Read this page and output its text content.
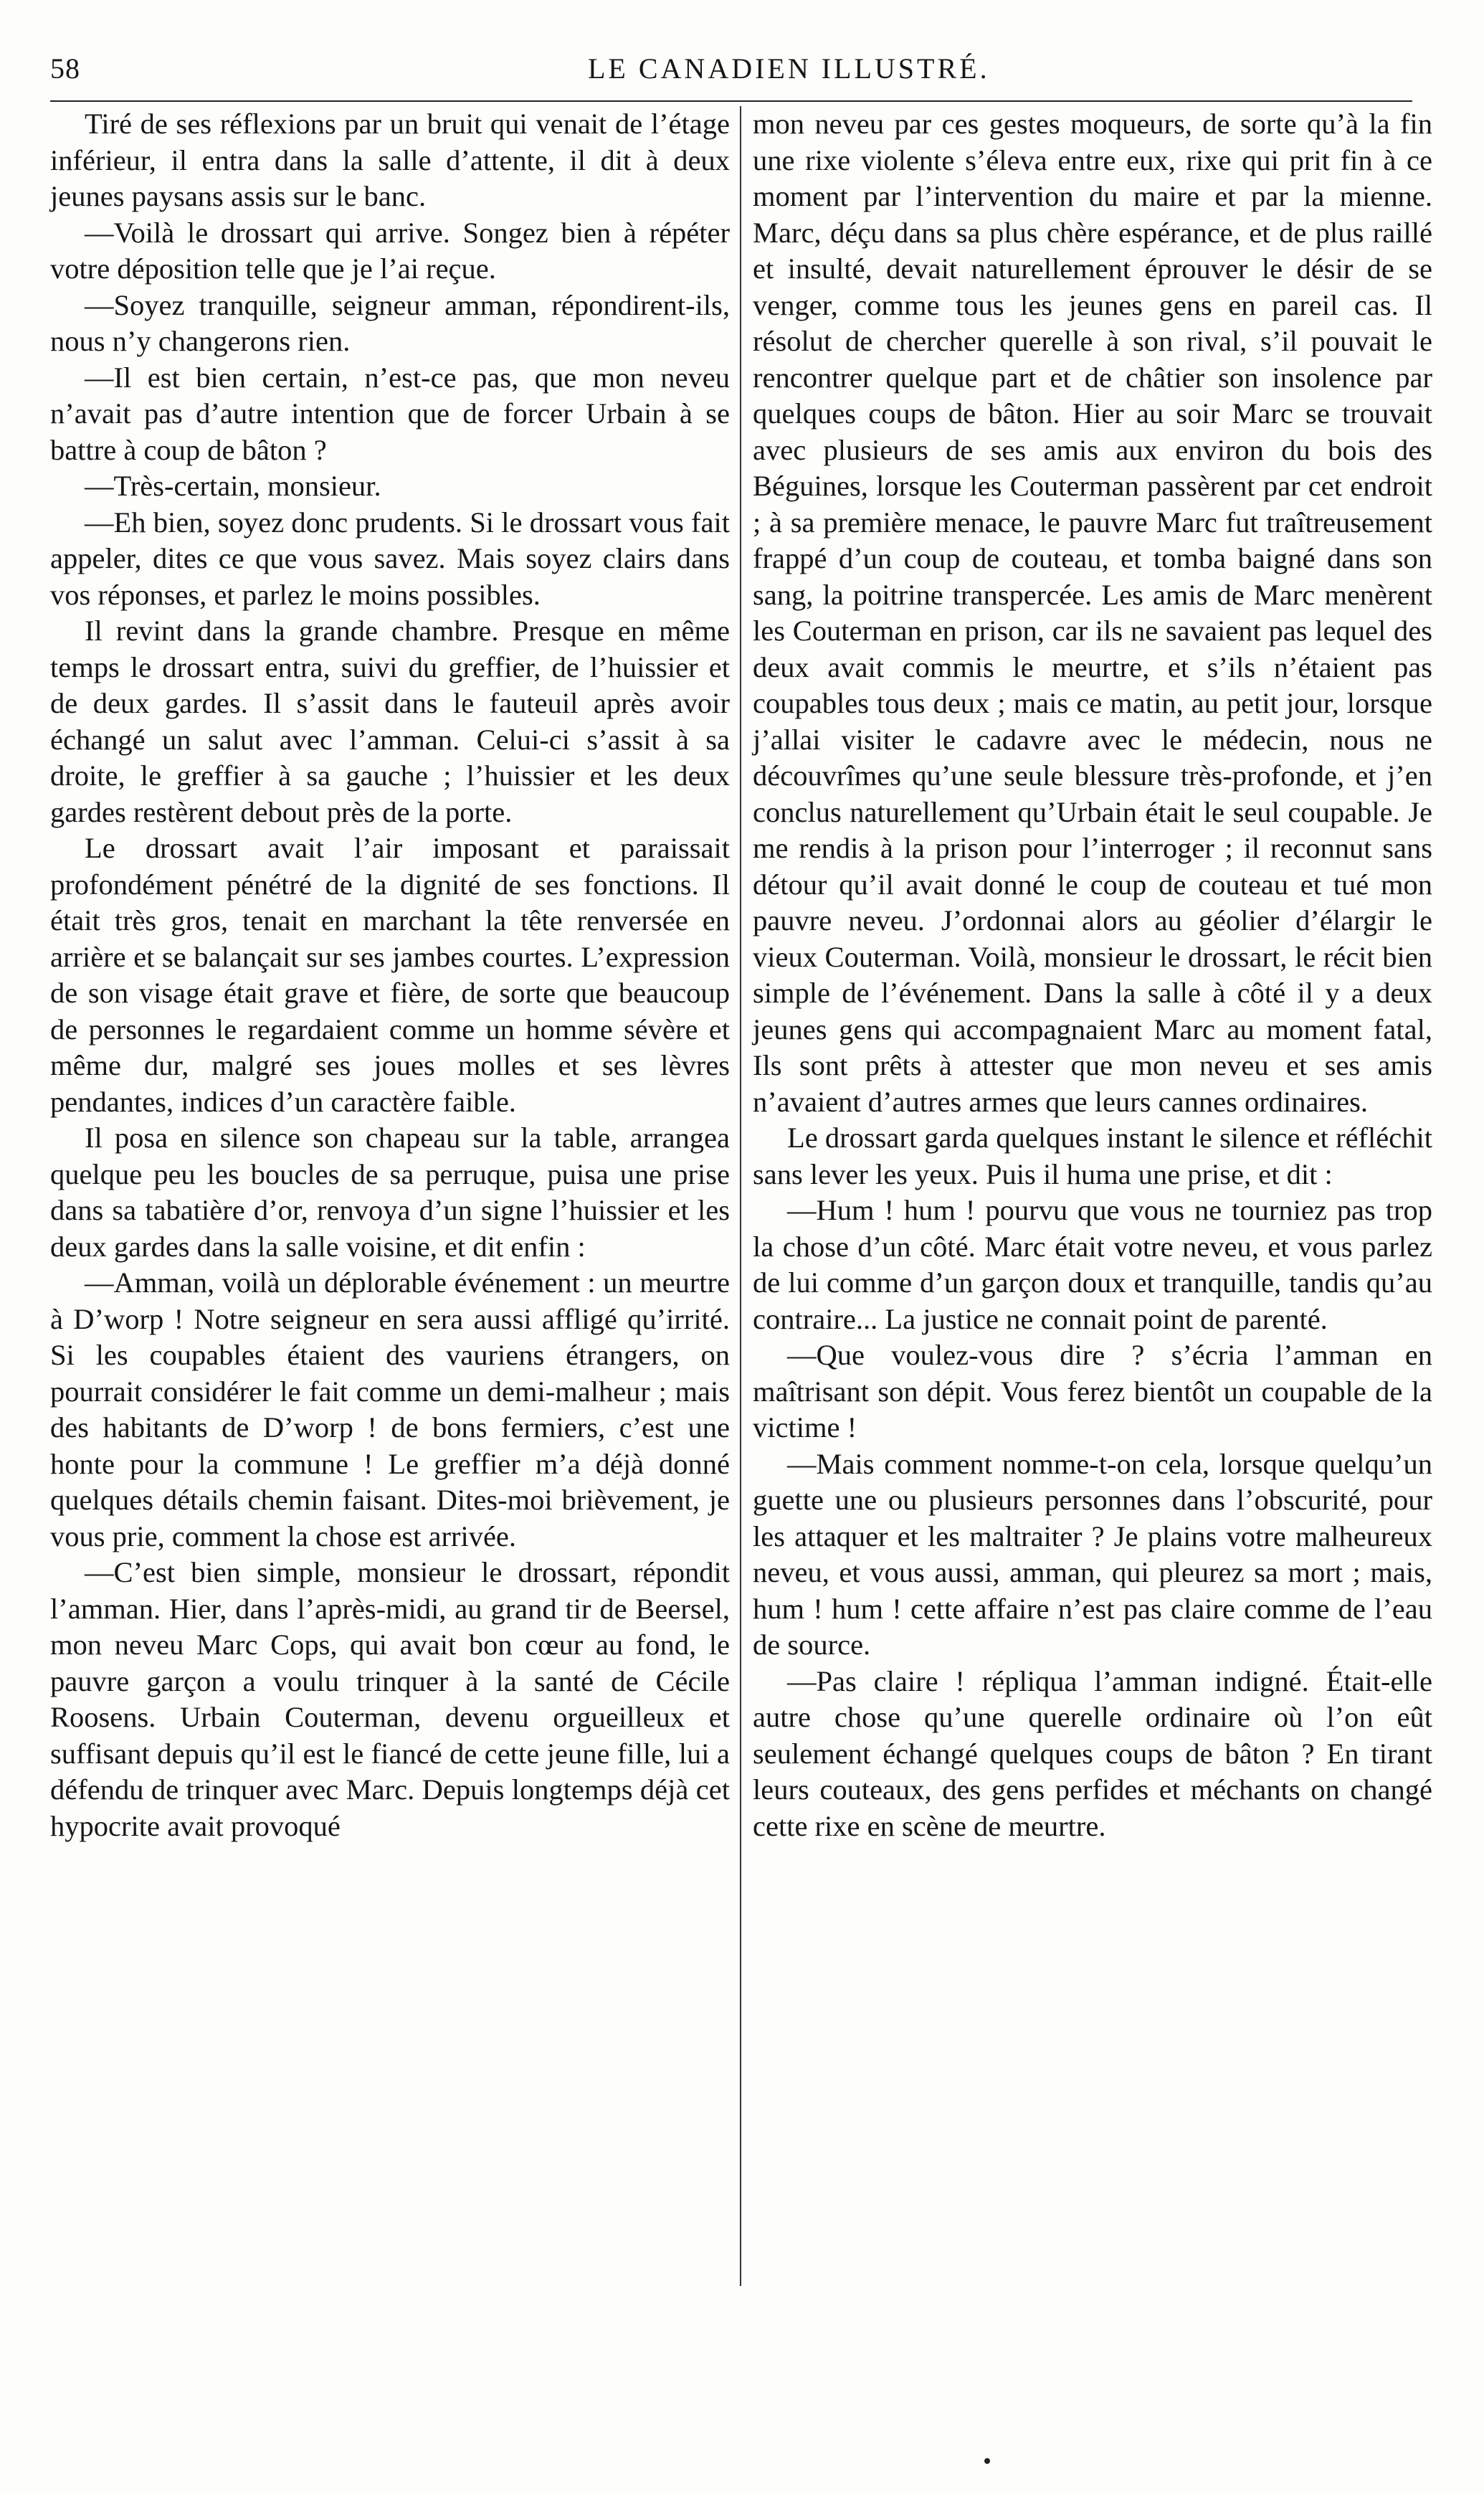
58	LE CANADIEN ILLUSTRÉ.

Tiré de ses réflexions par un bruit qui venait de l’étage inférieur, il entra dans la salle d’attente, il dit à deux jeunes paysans assis sur le banc.

—Voilà le drossart qui arrive. Songez bien à répéter votre déposition telle que je l’ai reçue.

—Soyez tranquille, seigneur amman, répondirent-ils, nous n’y changerons rien.

—Il est bien certain, n’est-ce pas, que mon neveu n’avait pas d’autre intention que de forcer Urbain à se battre à coup de bâton ?

—Très-certain, monsieur.

—Eh bien, soyez donc prudents. Si le drossart vous fait appeler, dites ce que vous savez. Mais soyez clairs dans vos réponses, et parlez le moins possibles.

Il revint dans la grande chambre. Presque en même temps le drossart entra, suivi du greffier, de l’huissier et de deux gardes. Il s’assit dans le fauteuil après avoir échangé un salut avec l’amman. Celui-ci s’assit à sa droite, le greffier à sa gauche ; l’huissier et les deux gardes restèrent debout près de la porte.

Le drossart avait l’air imposant et paraissait profondément pénétré de la dignité de ses fonctions. Il était très gros, tenait en marchant la tête renversée en arrière et se balançait sur ses jambes courtes. L’expression de son visage était grave et fière, de sorte que beaucoup de personnes le regardaient comme un homme sévère et même dur, malgré ses joues molles et ses lèvres pendantes, indices d’un caractère faible.

Il posa en silence son chapeau sur la table, arrangea quelque peu les boucles de sa perruque, puisa une prise dans sa tabatière d’or, renvoya d’un signe l’huissier et les deux gardes dans la salle voisine, et dit enfin :

—Amman, voilà un déplorable événement : un meurtre à D’worp ! Notre seigneur en sera aussi affligé qu’irrité. Si les coupables étaient des vauriens étrangers, on pourrait considérer le fait comme un demi-malheur ; mais des habitants de D’worp ! de bons fermiers, c’est une honte pour la commune ! Le greffier m’a déjà donné quelques détails chemin faisant. Dites-moi brièvement, je vous prie, comment la chose est arrivée.

—C’est bien simple, monsieur le drossart, répondit l’amman. Hier, dans l’après-midi, au grand tir de Beersel, mon neveu Marc Cops, qui avait bon cœur au fond, le pauvre garçon a voulu trinquer à la santé de Cécile Roosens. Urbain Couterman, devenu orgueilleux et suffisant depuis qu’il est le fiancé de cette jeune fille, lui a défendu de trinquer avec Marc. Depuis longtemps déjà cet hypocrite avait provoqué

mon neveu par ces gestes moqueurs, de sorte qu’à la fin une rixe violente s’éleva entre eux, rixe qui prit fin à ce moment par l’intervention du maire et par la mienne. Marc, déçu dans sa plus chère espérance, et de plus raillé et insulté, devait naturellement éprouver le désir de se venger, comme tous les jeunes gens en pareil cas. Il résolut de chercher querelle à son rival, s’il pouvait le rencontrer quelque part et de châtier son insolence par quelques coups de bâton. Hier au soir Marc se trouvait avec plusieurs de ses amis aux environ du bois des Béguines, lorsque les Couterman passèrent par cet endroit ; à sa première menace, le pauvre Marc fut traîtreusement frappé d’un coup de couteau, et tomba baigné dans son sang, la poitrine transpercée. Les amis de Marc menèrent les Couterman en prison, car ils ne savaient pas lequel des deux avait commis le meurtre, et s’ils n’étaient pas coupables tous deux ; mais ce matin, au petit jour, lorsque j’allai visiter le cadavre avec le médecin, nous ne découvrîmes qu’une seule blessure très-profonde, et j’en conclus naturellement qu’Urbain était le seul coupable. Je me rendis à la prison pour l’interroger ; il reconnut sans détour qu’il avait donné le coup de couteau et tué mon pauvre neveu. J’ordonnai alors au géolier d’élargir le vieux Couterman. Voilà, monsieur le drossart, le récit bien simple de l’événement. Dans la salle à côté il y a deux jeunes gens qui accompagnaient Marc au moment fatal, Ils sont prêts à attester que mon neveu et ses amis n’avaient d’autres armes que leurs cannes ordinaires.

Le drossart garda quelques instant le silence et réfléchit sans lever les yeux. Puis il huma une prise, et dit :

—Hum ! hum ! pourvu que vous ne tourniez pas trop la chose d’un côté. Marc était votre neveu, et vous parlez de lui comme d’un garçon doux et tranquille, tandis qu’au contraire... La justice ne connait point de parenté.

—Que voulez-vous dire ? s’écria l’amman en maîtrisant son dépit. Vous ferez bientôt un coupable de la victime !

—Mais comment nomme-t-on cela, lorsque quelqu’un guette une ou plusieurs personnes dans l’obscurité, pour les attaquer et les maltraiter ? Je plains votre malheureux neveu, et vous aussi, amman, qui pleurez sa mort ; mais, hum ! hum ! cette affaire n’est pas claire comme de l’eau de source.

—Pas claire ! répliqua l’amman indigné. Était-elle autre chose qu’une querelle ordinaire où l’on eût seulement échangé quelques coups de bâton ? En tirant leurs couteaux, des gens perfides et méchants on changé cette rixe en scène de meurtre.
